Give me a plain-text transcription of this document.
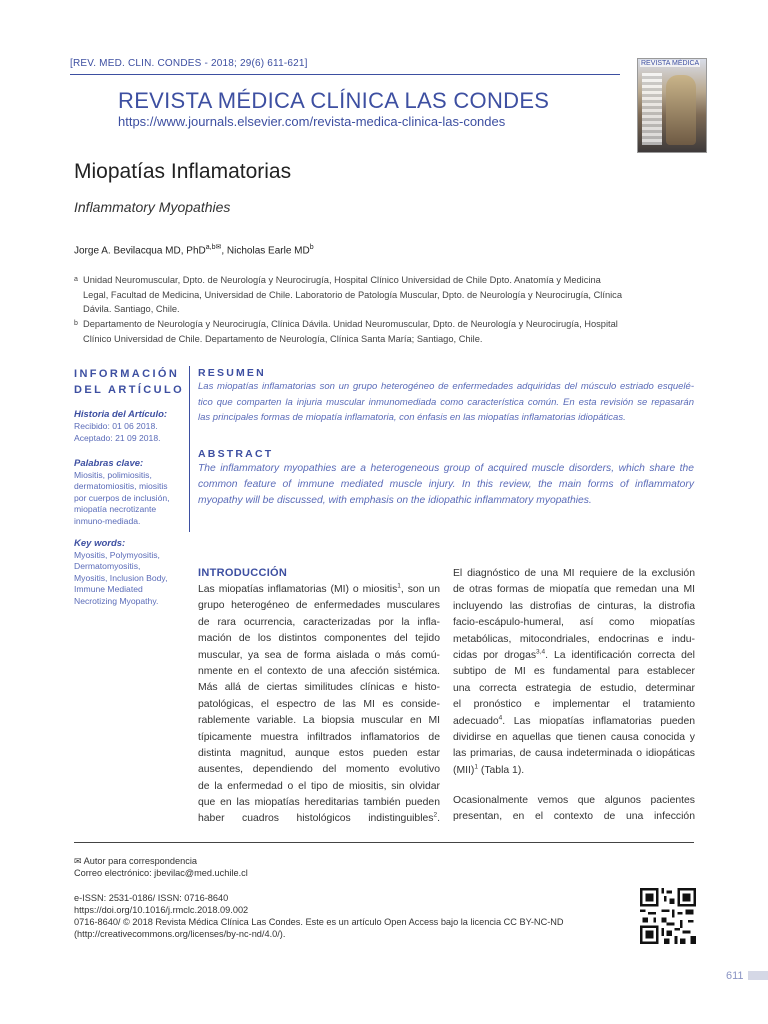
[REV. MED. CLIN. CONDES - 2018; 29(6) 611-621]
REVISTA MÉDICA CLÍNICA LAS CONDES
https://www.journals.elsevier.com/revista-medica-clinica-las-condes
REVISTA MÉDICA
Miopatías Inflamatorias
Inflammatory Myopathies
Jorge A. Bevilacqua MD, PhD$^{a,b✉}$, Nicholas Earle $MD^b$
a Unidad Neuromuscular, Dpto. de Neurología y Neurocirugía, Hospital Clínico Universidad de Chile Dpto. Anatomía y Medicina
Legal, Facultad de Medicina, Universidad de Chile. Laboratorio de Patología Muscular, Dpto. de Neurología y Neurocirugía, Clínica
Dávila. Santiago, Chile.
b Departamento de Neurología y Neurocirugía, Clínica Dávila. Unidad Neuromuscular, Dpto. de Neurología y Neurocirugía, Hospital
Clínico Universidad de Chile. Departamento de Neurología, Clínica Santa María; Santiago, Chile.
INFORMACIÓN
DEL ARTÍCULO
Historia del Artículo:
Recibido: 01 06 2018.
Aceptado: 21 09 2018.
Palabras clave:
Miositis, polimiositis,
dermatomiositis, miositis
por cuerpos de inclusión,
miopatía necrotizante
inmuno-mediada.
Key words:
Myositis, Polymyositis,
Dermatomyositis,
Myositis, Inclusion Body,
Immune Mediated
Necrotizing Myopathy.
RESUMEN
Las miopatías inflamatorias son un grupo heterogéneo de enfermedades adquiridas del músculo estriado esquelé-
tico que comparten la injuria muscular inmunomediada como característica común. En esta revisión se repasarán
las principales formas de miopatía inflamatoria, con énfasis en las miopatías inflamatorias idiopáticas.
ABSTRACT
The inflammatory myopathies are a heterogeneous group of acquired muscle disorders, which share the
common feature of immune mediated muscle injury. In this review, the main forms of inflammatory
myopathy will be discussed, with emphasis on the idiopathic inflammatory myopathies.
INTRODUCCIÓN
Las miopatías inflamatorias (MI) o miositis$^1$, son un
grupo heterogéneo de enfermedades musculares
de rara ocurrencia, caracterizadas por la infla-
mación de los distintos componentes del tejido
muscular, ya sea de forma aislada o más comú-
nmente en el contexto de una afección sistémica.
Más allá de ciertas similitudes clínicas e histo-
patológicas, el espectro de las MI es conside-
rablemente variable. La biopsia muscular en MI
típicamente muestra infiltrados inflamatorios de
distinta magnitud, aunque estos pueden estar
ausentes, dependiendo del momento evolutivo
de la enfermedad o el tipo de miositis, sin olvidar
que en las miopatías hereditarias también pueden
haber cuadros histológicos indistinguibles$^2$.
El diagnóstico de una MI requiere de la exclusión
de otras formas de miopatía que remedan una MI
incluyendo las distrofias de cinturas, la distrofia
facio-escápulo-humeral, así como miopatías
metabólicas, mitocondriales, endocrinas e indu-
cidas por drogas$^{3,4}$. La identificación correcta del
subtipo de MI es fundamental para establecer
una correcta estrategia de estudio, determinar
el pronóstico e implementar el tratamiento
adecuado$^4$. Las miopatías inflamatorias pueden
dividirse en aquellas que tienen causa conocida y
las primarias, de causa indeterminada o idiopáticas
(MII)$^1$ (Tabla 1).
Ocasionalmente vemos que algunos pacientes
presentan, en el contexto de una infección
✉ Autor para correspondencia
Correo electrónico: jbevilac@med.uchile.cl
e-ISSN: 2531-0186/ ISSN: 0716-8640
https://doi.org/10.1016/j.rmclc.2018.09.002
0716-8640/ © 2018 Revista Médica Clínica Las Condes. Este es un artículo Open Access bajo la licencia CC BY-NC-ND
(http://creativecommons.org/licenses/by-nc-nd/4.0/).
611
